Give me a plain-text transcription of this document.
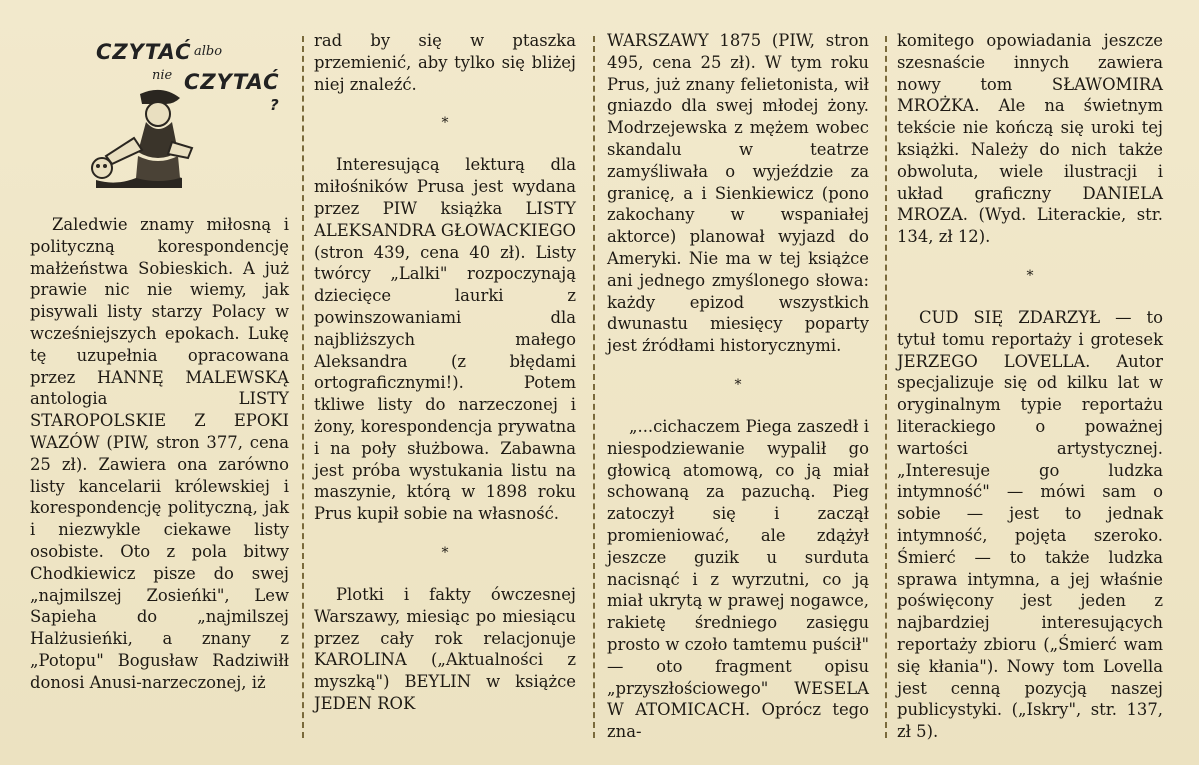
CZYTAĆ albo
nie CZYTAĆ
?

Zaledwie znamy miłosną i polityczną korespondencję małżeństwa Sobieskich. A już prawie nic nie wiemy, jak pisywali listy starzy Polacy w wcześniejszych epokach. Lukę tę uzupełnia opracowana przez HANNĘ MALEWSKĄ antologia LISTY STAROPOLSKIE Z EPOKI WAZÓW (PIW, stron 377, cena 25 zł). Zawiera ona zarówno listy kancelarii królewskiej i korespondencję polityczną, jak i niezwykle ciekawe listy osobiste. Oto z pola bitwy Chodkiewicz pisze do swej „najmilszej Zosieńki", Lew Sapieha do „najmilszej Halżusieńki, a znany z „Potopu" Bogusław Radziwiłł donosi Anusi-narzeczonej, iż

rad by się w ptaszka przemienić, aby tylko się bliżej niej znaleźć.

*

Interesującą lekturą dla miłośników Prusa jest wydana przez PIW książka LISTY ALEKSANDRA GŁOWACKIEGO (stron 439, cena 40 zł). Listy twórcy „Lalki" rozpoczynają dziecięce laurki z powinszowaniami dla najbliższych małego Aleksandra (z błędami ortograficznymi!). Potem tkliwe listy do narzeczonej i żony, korespondencja prywatna i na poły służbowa. Zabawna jest próba wystukania listu na maszynie, którą w 1898 roku Prus kupił sobie na własność.

*

Plotki i fakty ówczesnej Warszawy, miesiąc po miesiącu przez cały rok relacjonuje KAROLINA („Aktualności z myszką") BEYLIN w książce JEDEN ROK

WARSZAWY 1875 (PIW, stron 495, cena 25 zł). W tym roku Prus, już znany felietonista, wił gniazdo dla swej młodej żony. Modrzejewska z mężem wobec skandalu w teatrze zamyśliwała o wyjeździe za granicę, a i Sienkiewicz (pono zakochany w wspaniałej aktorce) planował wyjazd do Ameryki. Nie ma w tej książce ani jednego zmyślonego słowa: każdy epizod wszystkich dwunastu miesięcy poparty jest źródłami historycznymi.

*

„...cichaczem Piega zaszedł i niespodziewanie wypalił go głowicą atomową, co ją miał schowaną za pazuchą. Pieg zatoczył się i zaczął promieniować, ale zdążył jeszcze guzik u surduta nacisnąć i z wyrzutni, co ją miał ukrytą w prawej nogawce, rakietę średniego zasięgu prosto w czoło tamtemu puścił" — oto fragment opisu „przyszłościowego" WESELA W ATOMICACH. Oprócz tego zna-

komitego opowiadania jeszcze szesnaście innych zawiera nowy tom SŁAWOMIRA MROŻKA. Ale na świetnym tekście nie kończą się uroki tej książki. Należy do nich także obwoluta, wiele ilustracji i układ graficzny DANIELA MROZA. (Wyd. Literackie, str. 134, zł 12).

*

CUD SIĘ ZDARZYŁ — to tytuł tomu reportaży i grotesek JERZEGO LOVELLA. Autor specjalizuje się od kilku lat w oryginalnym typie reportażu literackiego o poważnej wartości artystycznej. „Interesuje go ludzka intymność" — mówi sam o sobie — jest to jednak intymność, pojęta szeroko. Śmierć — to także ludzka sprawa intymna, a jej właśnie poświęcony jest jeden z najbardziej interesujących reportaży zbioru („Śmierć wam się kłania"). Nowy tom Lovella jest cenną pozycją naszej publicystyki. („Iskry", str. 137, zł 5).
